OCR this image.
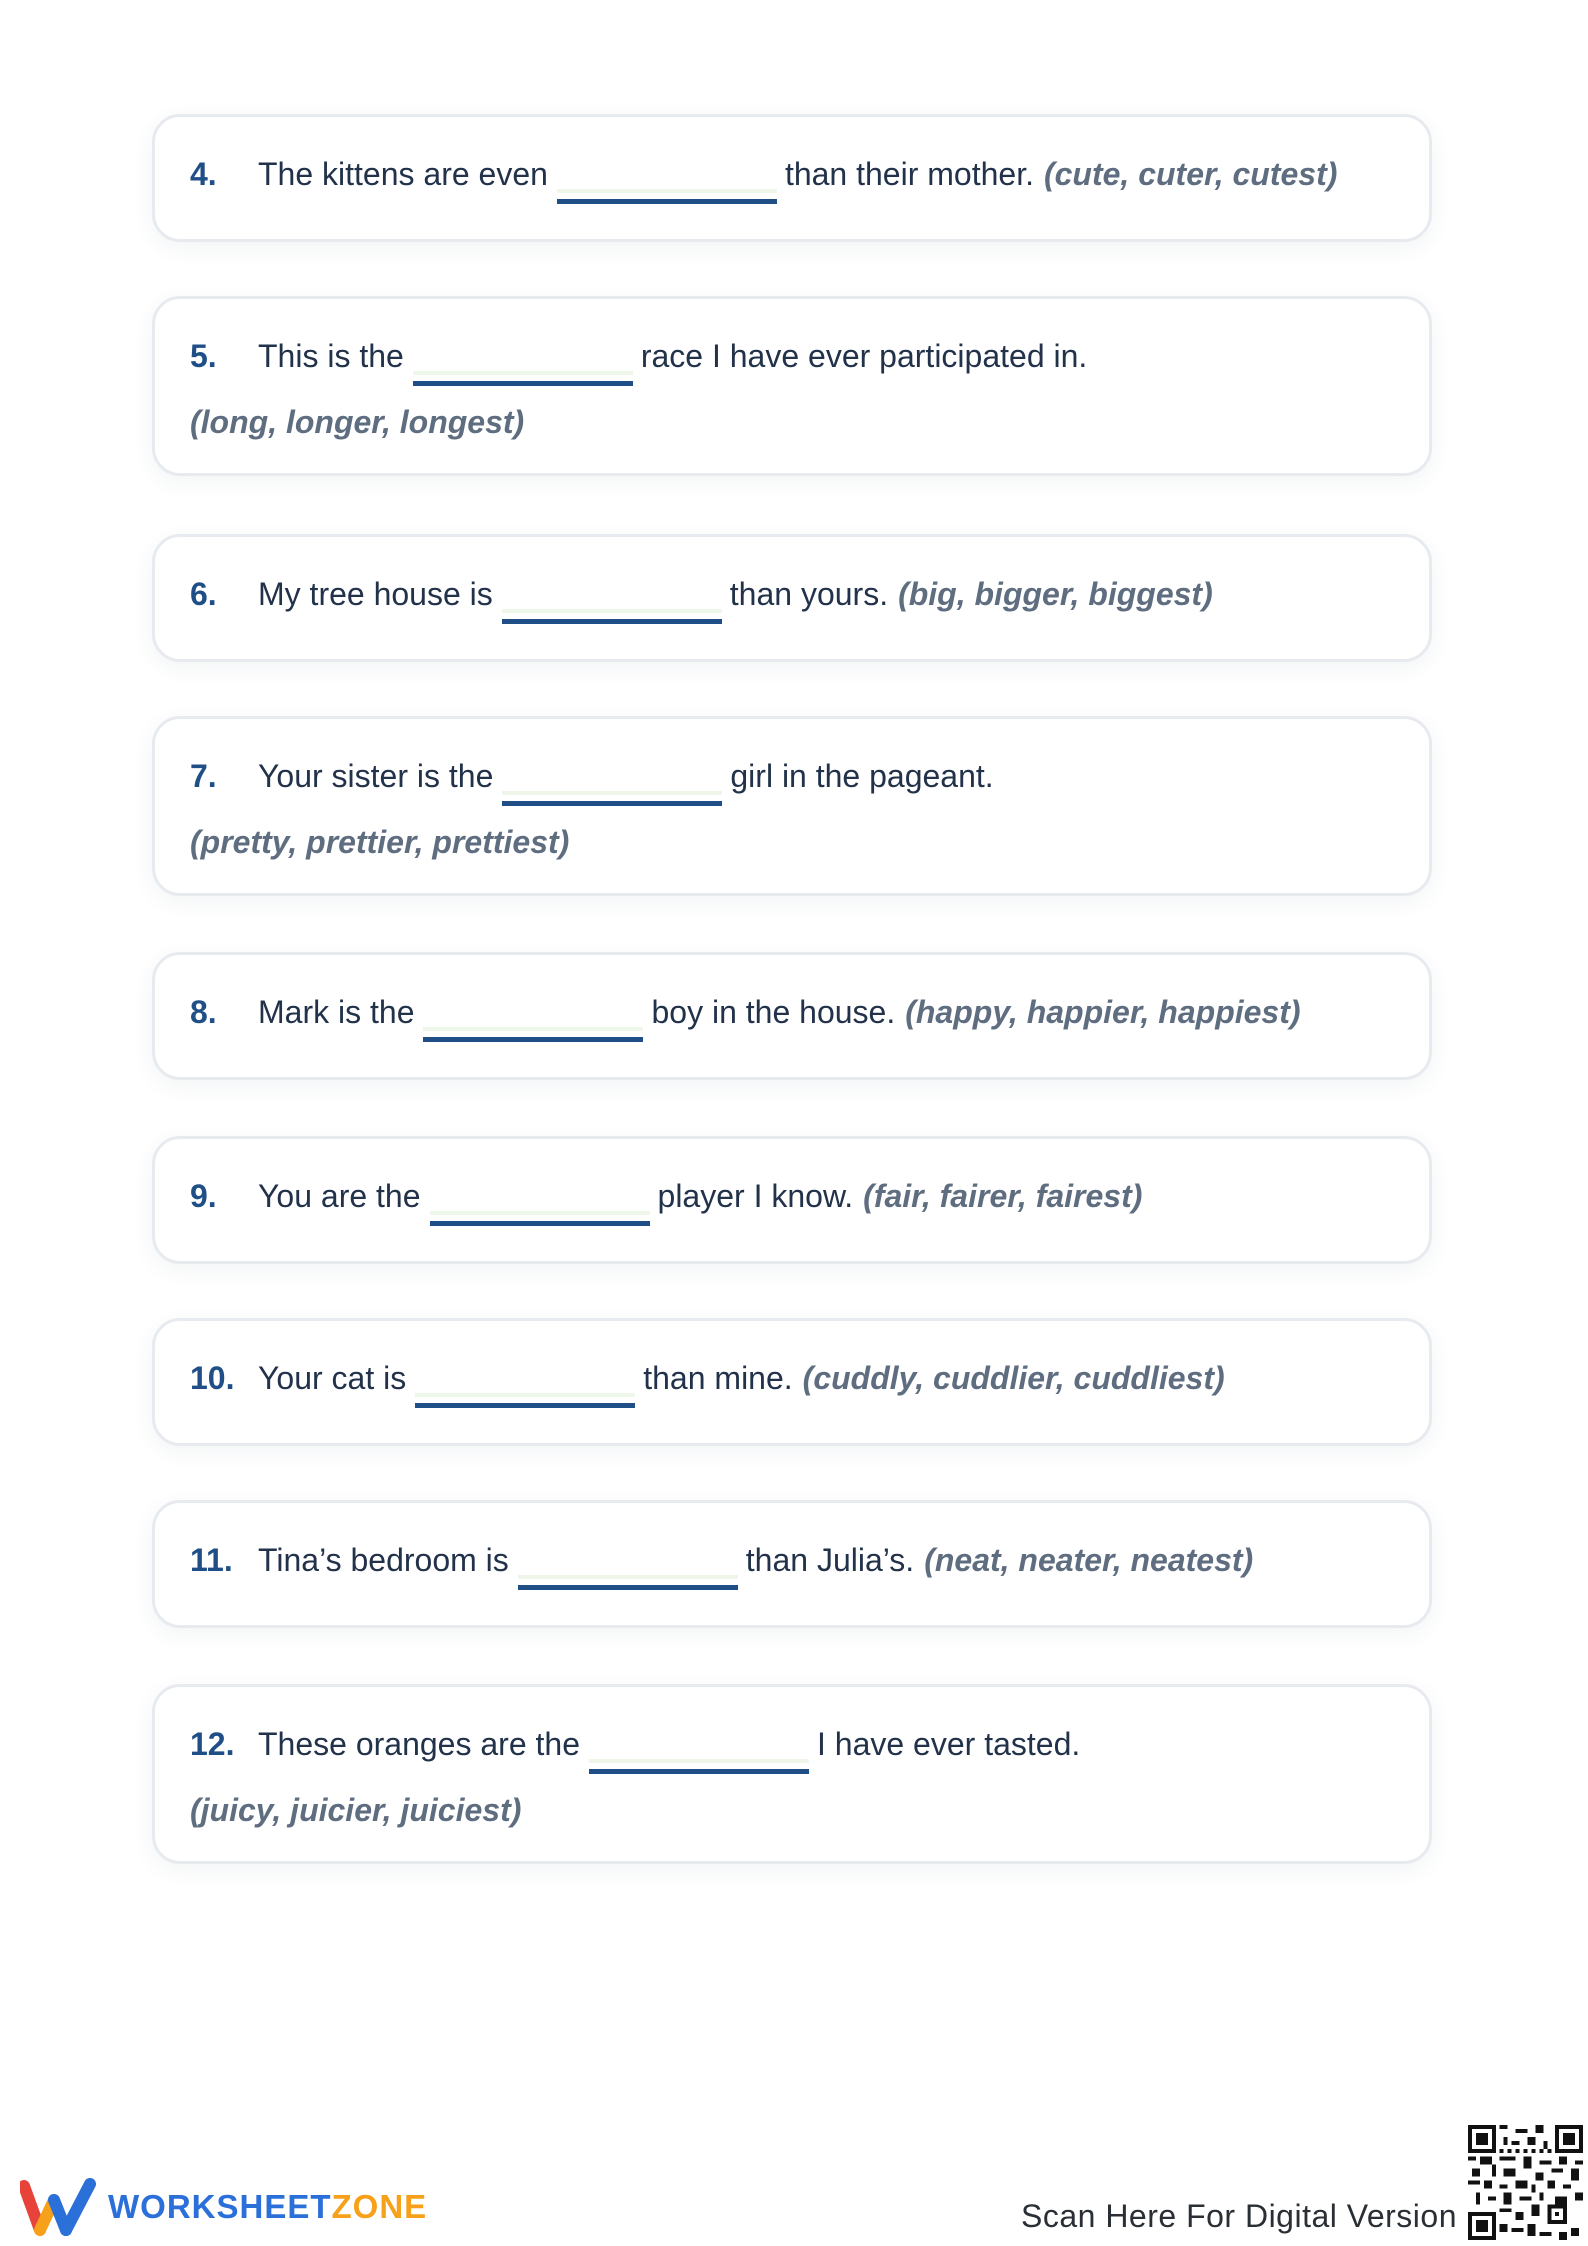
4.	The kittens are even	than their mother. (cute, cuter, cutest)
5.	This is the	race I have ever participated in.
(long, longer, longest)
6.	My tree house is	than yours. (big, bigger, biggest)
7.	Your sister is the	girl in the pageant.
(pretty, prettier, prettiest)
8.	Mark is the	boy in the house. (happy, happier, happiest)
9.	You are the	player I know. (fair, fairer, fairest)
10. Your cat is	than mine. (cuddly, cuddlier, cuddliest)
11. Tina’s bedroom is	than Julia’s. (neat, neater, neatest)
12. These oranges are the	I have ever tasted.
(juicy, juicier, juiciest)
WORKSHEETZONE	Scan Here For Digital Version
